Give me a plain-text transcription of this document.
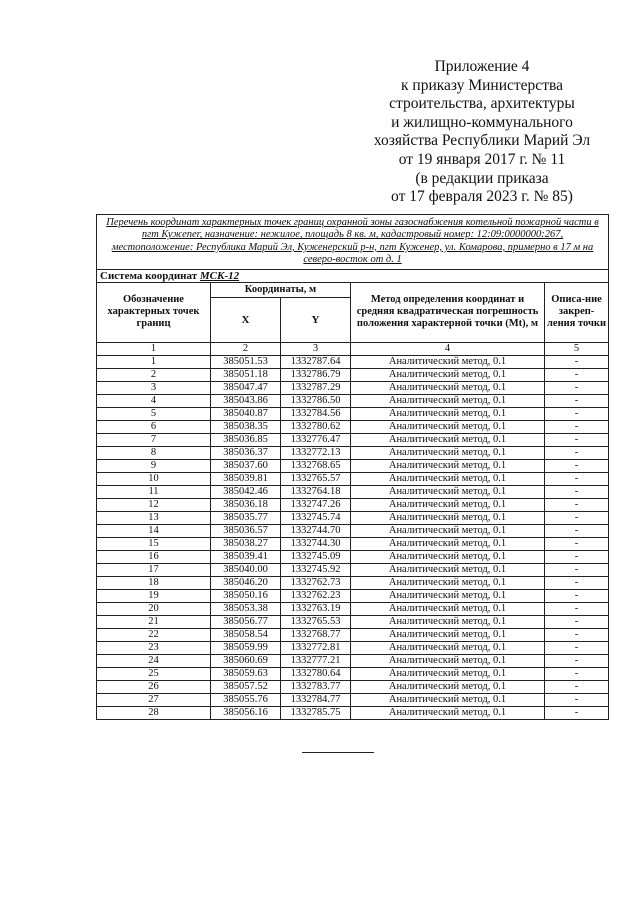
Приложение 4
к приказу Министерства
строительства, архитектуры
и жилищно-коммунального
хозяйства Республики Марий Эл
от 19 января 2017 г. № 11
(в редакции приказа
от 17 февраля 2023 г. № 85)
Перечень координат характерных точек границ охранной зоны газоснабжения котельной пожарной части в пгт Кужener, назначение: нежилое, площадь 8 кв. м, кадастровый номер: 12:09:0000000:267, местоположение: Республика Марий Эл, Куженерский р-н, пгт Куженер, ул. Комарова, примерно в 17 м на северо-восток от д. 1				
Система координат МСК-12				
Обозначение характерных точек границ	Координаты, м		Метод определения координат и средняя квадратическая погрешность положения характерной точки (Mt), м	Описа-ние закреп-ления точки
	X	Y		
1	2	3	4	5
1	385051.53	1332787.64	Аналитический метод, 0.1	-
2	385051.18	1332786.79	Аналитический метод, 0.1	-
3	385047.47	1332787.29	Аналитический метод, 0.1	-
4	385043.86	1332786.50	Аналитический метод, 0.1	-
5	385040.87	1332784.56	Аналитический метод, 0.1	-
6	385038.35	1332780.62	Аналитический метод, 0.1	-
7	385036.85	1332776.47	Аналитический метод, 0.1	-
8	385036.37	1332772.13	Аналитический метод, 0.1	-
9	385037.60	1332768.65	Аналитический метод, 0.1	-
10	385039.81	1332765.57	Аналитический метод, 0.1	-
11	385042.46	1332764.18	Аналитический метод, 0.1	-
12	385036.18	1332747.26	Аналитический метод, 0.1	-
13	385035.77	1332745.74	Аналитический метод, 0.1	-
14	385036.57	1332744.70	Аналитический метод, 0.1	-
15	385038.27	1332744.30	Аналитический метод, 0.1	-
16	385039.41	1332745.09	Аналитический метод, 0.1	-
17	385040.00	1332745.92	Аналитический метод, 0.1	-
18	385046.20	1332762.73	Аналитический метод, 0.1	-
19	385050.16	1332762.23	Аналитический метод, 0.1	-
20	385053.38	1332763.19	Аналитический метод, 0.1	-
21	385056.77	1332765.53	Аналитический метод, 0.1	-
22	385058.54	1332768.77	Аналитический метод, 0.1	-
23	385059.99	1332772.81	Аналитический метод, 0.1	-
24	385060.69	1332777.21	Аналитический метод, 0.1	-
25	385059.63	1332780.64	Аналитический метод, 0.1	-
26	385057.52	1332783.77	Аналитический метод, 0.1	-
27	385055.76	1332784.77	Аналитический метод, 0.1	-
28	385056.16	1332785.75	Аналитический метод, 0.1	-
